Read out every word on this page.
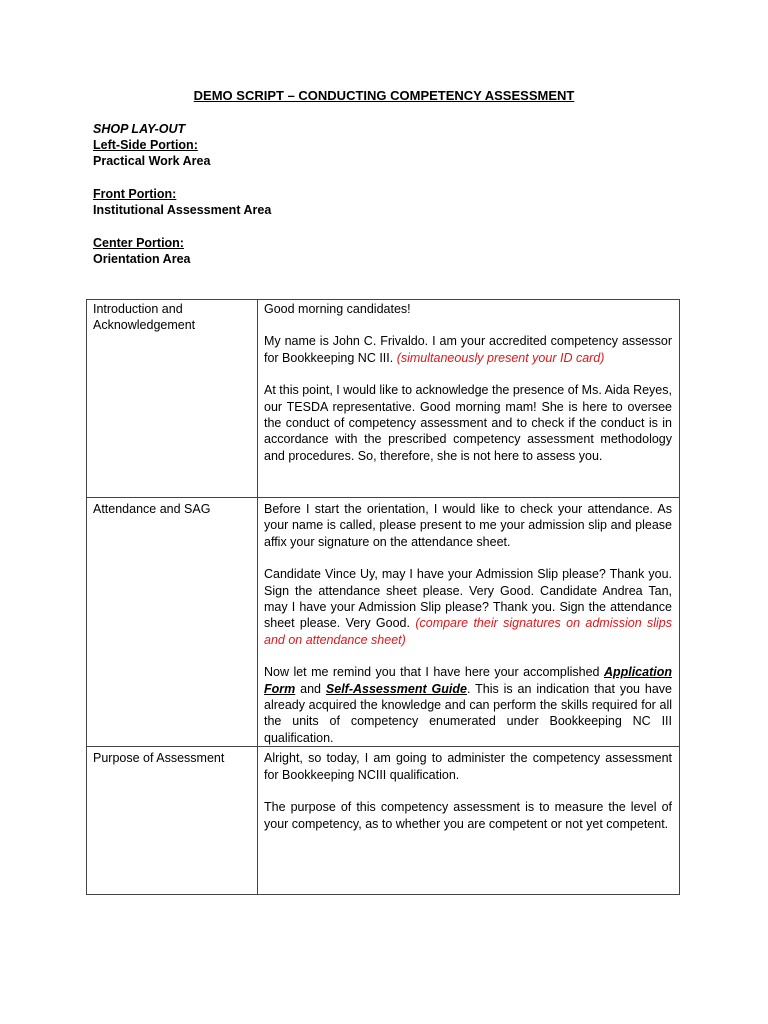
DEMO SCRIPT – CONDUCTING COMPETENCY ASSESSMENT
SHOP LAY-OUT
Left-Side Portion:
Practical Work Area
Front Portion:
Institutional Assessment Area
Center Portion:
Orientation Area
Introduction and Acknowledgement	Good morning candidates!

My name is John C. Frivaldo. I am your accredited competency assessor for Bookkeeping NC III. (simultaneously present your ID card)

At this point, I would like to acknowledge the presence of Ms. Aida Reyes, our TESDA representative. Good morning mam! She is here to oversee the conduct of competency assessment and to check if the conduct is in accordance with the prescribed competency assessment methodology and procedures. So, therefore, she is not here to assess you.

Attendance and SAG	Before I start the orientation, I would like to check your attendance. As your name is called, please present to me your admission slip and please affix your signature on the attendance sheet.

Candidate Vince Uy, may I have your Admission Slip please? Thank you. Sign the attendance sheet please. Very Good. Candidate Andrea Tan, may I have your Admission Slip please? Thank you. Sign the attendance sheet please. Very Good. (compare their signatures on admission slips and on attendance sheet)

Now let me remind you that I have here your accomplished Application Form and Self-Assessment Guide. This is an indication that you have already acquired the knowledge and can perform the skills required for all the units of competency enumerated under Bookkeeping NC III qualification.

Purpose of Assessment	Alright, so today, I am going to administer the competency assessment for Bookkeeping NCIII qualification.

The purpose of this competency assessment is to measure the level of your competency, as to whether you are competent or not yet competent.
